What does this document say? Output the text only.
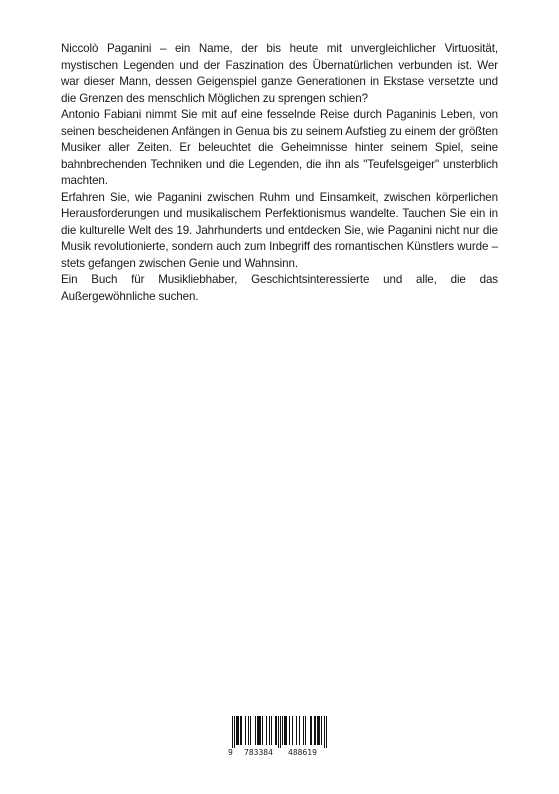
Niccolò Paganini – ein Name, der bis heute mit unvergleichlicher Virtuosität, mystischen Legenden und der Faszination des Übernatürlichen verbunden ist. Wer war dieser Mann, dessen Geigenspiel ganze Generationen in Ekstase versetzte und die Grenzen des menschlich Möglichen zu sprengen schien?

Antonio Fabiani nimmt Sie mit auf eine fesselnde Reise durch Paganinis Leben, von seinen bescheidenen Anfängen in Genua bis zu seinem Aufstieg zu einem der größten Musiker aller Zeiten. Er beleuchtet die Geheimnisse hinter seinem Spiel, seine bahnbrechenden Techniken und die Legenden, die ihn als "Teufelsgeiger" unsterblich machten.

Erfahren Sie, wie Paganini zwischen Ruhm und Einsamkeit, zwischen körperlichen Herausforderungen und musikalischem Perfektionismus wandelte. Tauchen Sie ein in die kulturelle Welt des 19. Jahrhunderts und entdecken Sie, wie Paganini nicht nur die Musik revolutionierte, sondern auch zum Inbegriff des romantischen Künstlers wurde – stets gefangen zwischen Genie und Wahnsinn.

Ein Buch für Musikliebhaber, Geschichtsinteressierte und alle, die das Außergewöhnliche suchen.

9 783384 488619
